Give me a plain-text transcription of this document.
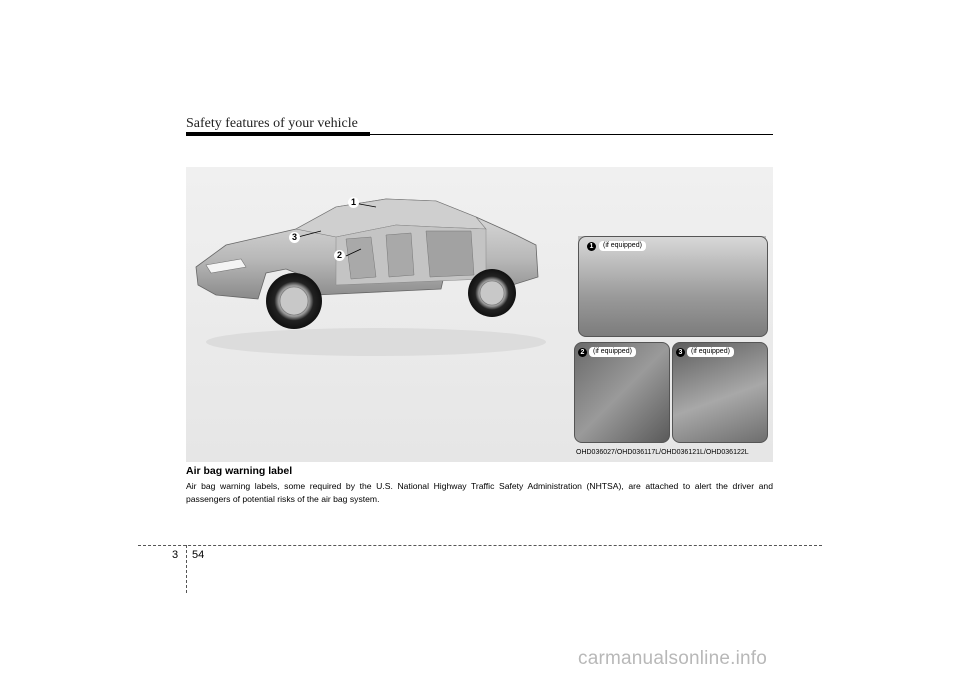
Safety features of your vehicle
1
2
3
1	(if equipped)
2	(if equipped)	3	(if equipped)
OHD036027/OHD036117L/OHD036121L/OHD036122L
Air bag warning label
Air bag warning labels, some required by the U.S. National Highway Traffic Safety Administration (NHTSA), are attached to alert the driver and passengers of potential risks of the air bag system.
3 54
carmanualsonline.info
